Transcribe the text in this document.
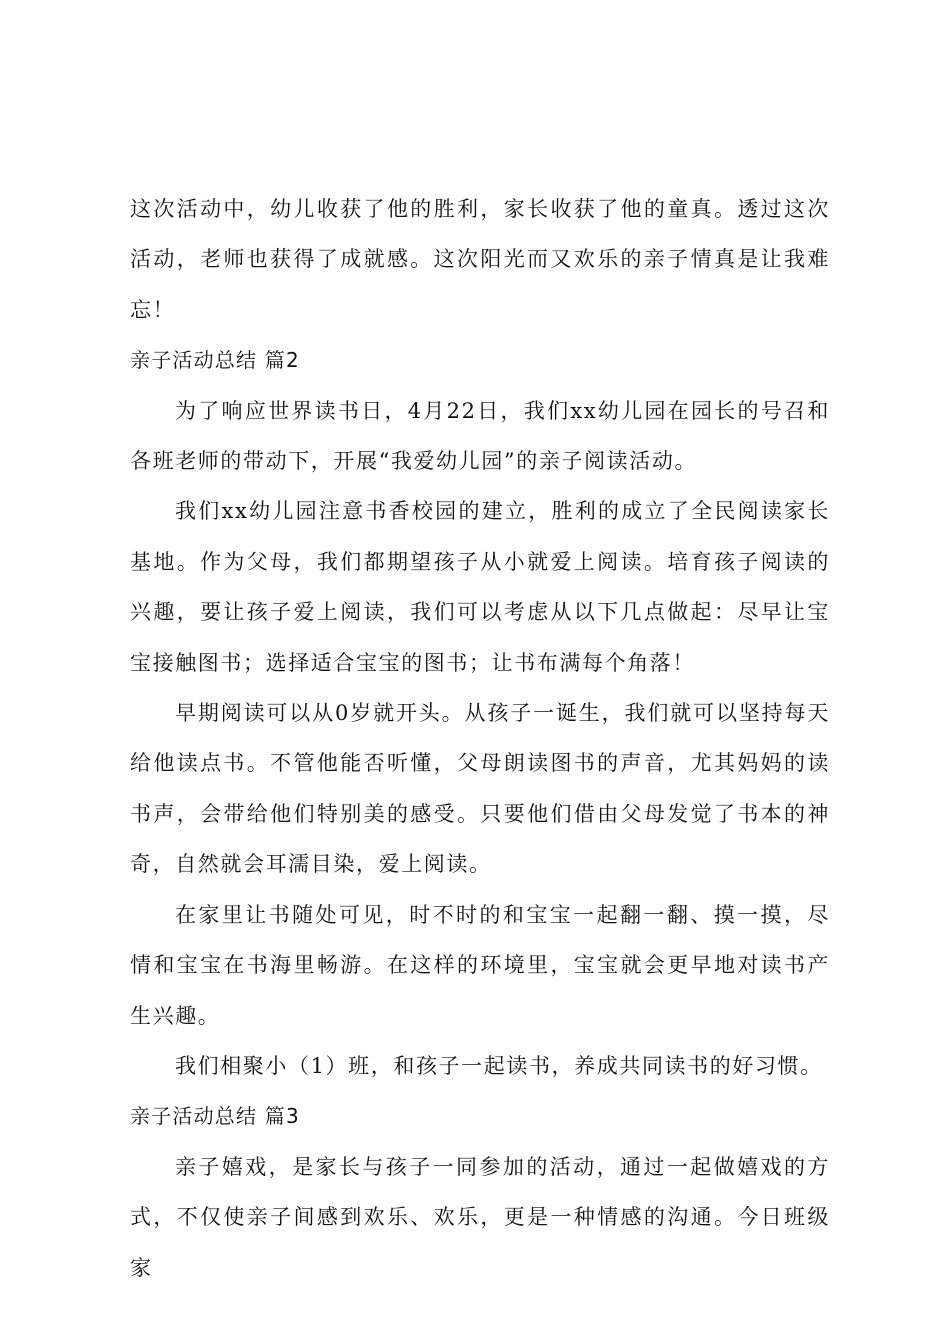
这次活动中，幼儿收获了他的胜利，家长收获了他的童真。透过这次活动，老师也获得了成就感。这次阳光而又欢乐的亲子情真是让我难忘！

亲子活动总结 篇2

为了响应世界读书日，4月22日，我们xx幼儿园在园长的号召和各班老师的带动下，开展“我爱幼儿园”的亲子阅读活动。

我们xx幼儿园注意书香校园的建立，胜利的成立了全民阅读家长基地。作为父母，我们都期望孩子从小就爱上阅读。培育孩子阅读的兴趣，要让孩子爱上阅读，我们可以考虑从以下几点做起：尽早让宝宝接触图书；选择适合宝宝的图书；让书布满每个角落！

早期阅读可以从0岁就开头。从孩子一诞生，我们就可以坚持每天给他读点书。不管他能否听懂，父母朗读图书的声音，尤其妈妈的读书声，会带给他们特别美的感受。只要他们借由父母发觉了书本的神奇，自然就会耳濡目染，爱上阅读。

在家里让书随处可见，时不时的和宝宝一起翻一翻、摸一摸，尽情和宝宝在书海里畅游。在这样的环境里，宝宝就会更早地对读书产生兴趣。

我们相聚小（1）班，和孩子一起读书，养成共同读书的好习惯。

亲子活动总结 篇3

亲子嬉戏，是家长与孩子一同参加的活动，通过一起做嬉戏的方式，不仅使亲子间感到欢乐、欢乐，更是一种情感的沟通。今日班级家
